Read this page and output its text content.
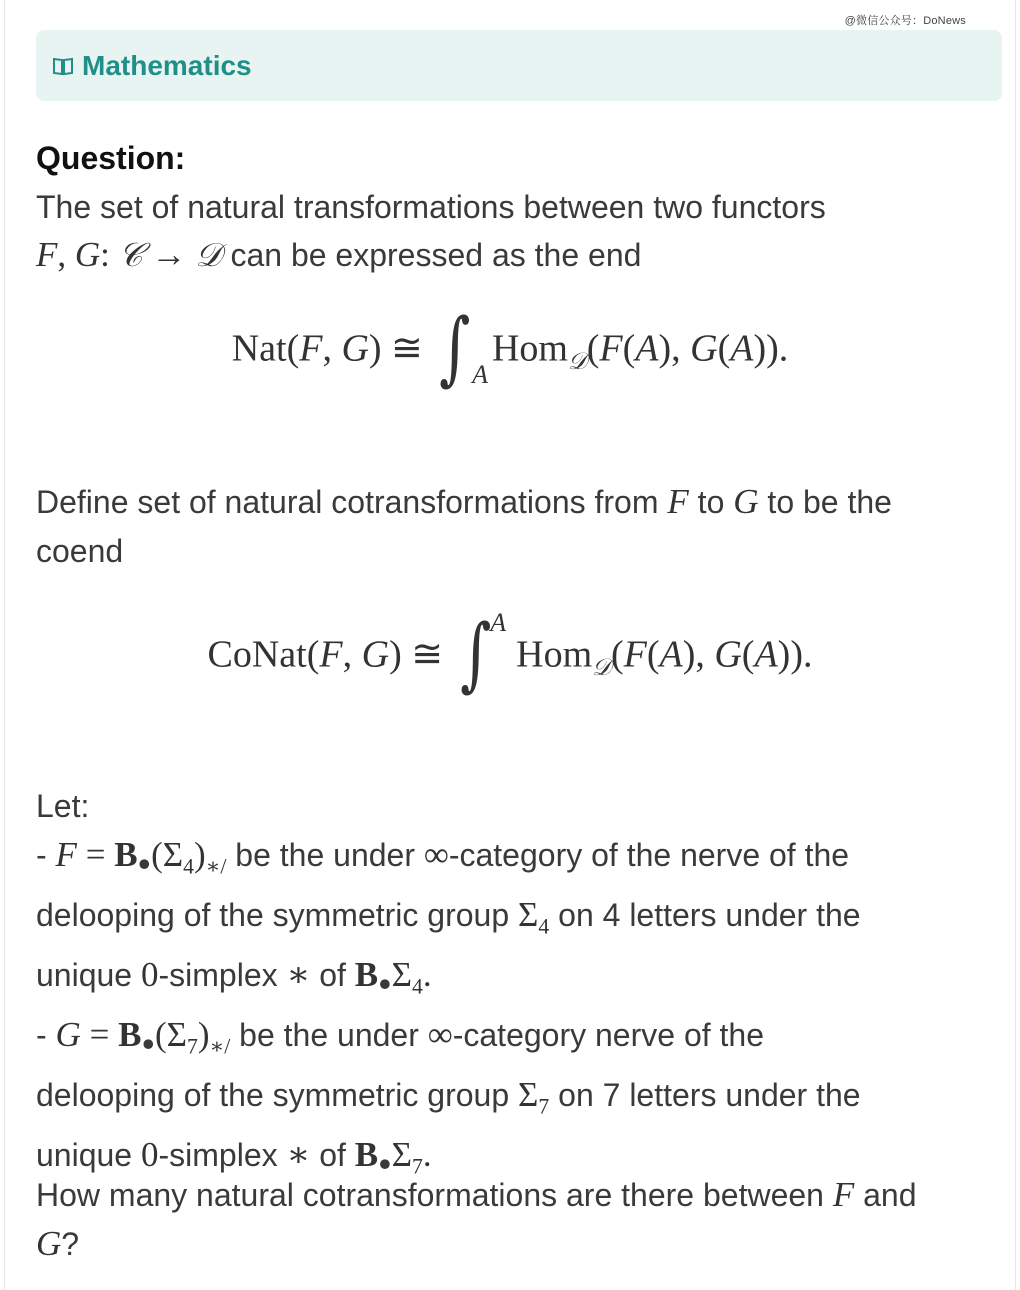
@微信公众号：DoNews
Mathematics
Question:
The set of natural transformations between two functors
F, G: 𝒞 → 𝒟 can be expressed as the end
Nat(F, G) ≅ $\int_AHom_𝒟(F(A)$, G(A)).
Define set of natural cotransformations from F to G to be the
coend
CoNat(F, G) ≅ ∫$^A$Hom$_𝒟$(F(A), G(A)).
Let:
- $F = B●(\Sigma_4)_{∗/}$ be the under ∞-category of the nerve of the
delooping of the symmetric group $\Sigma_4$ on 4 letters under the
unique 0-simplex ∗ of $B●\Sigma_4$.
- $G = B●(\Sigma_7)_{∗/}$ be the under ∞-category nerve of the
delooping of the symmetric group $\Sigma_7$ on 7 letters under the
unique 0-simplex ∗ of $B●\Sigma_7$.
How many natural cotransformations are there between F and
G?
